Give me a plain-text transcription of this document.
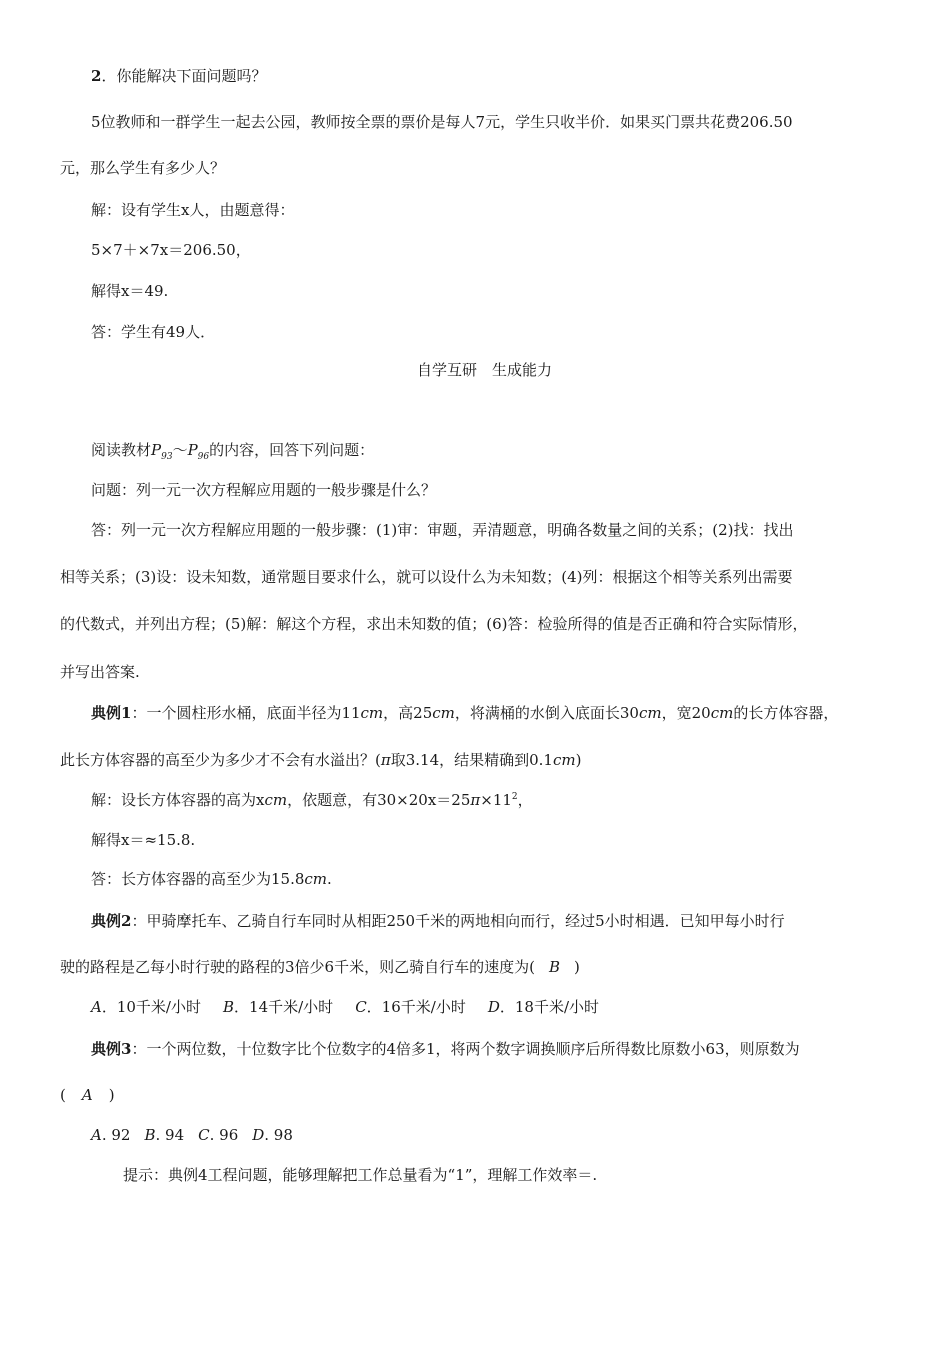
2．你能解决下面问题吗？
5位教师和一群学生一起去公园，教师按全票的票价是每人7元，学生只收半价．如果买门票共花费206.50
元，那么学生有多少人？
解：设有学生x人，由题意得：
5×7＋×7x＝206.50，
解得x＝49.
答：学生有49人．
自学互研　生成能力
阅读教材$P_{93}\sim P_{96}$的内容，回答下列问题：
问题：列一元一次方程解应用题的一般步骤是什么？
答：列一元一次方程解应用题的一般步骤：(1)审：审题，弄清题意，明确各数量之间的关系；(2)找：找出
相等关系；(3)设：设未知数，通常题目要求什么，就可以设什么为未知数；(4)列：根据这个相等关系列出需要
的代数式，并列出方程；(5)解：解这个方程，求出未知数的值；(6)答：检验所得的值是否正确和符合实际情形，
并写出答案.
典例1：一个圆柱形水桶，底面半径为11cm，高25cm，将满桶的水倒入底面长30cm，宽20cm的长方体容器，
此长方体容器的高至少为多少才不会有水溢出？(π取3.14，结果精确到0.1cm)
解：设长方体容器的高为xcm，依题意，有$30\times 20x=25\pi\times 11^2$，
解得x＝≈15.8.
答：长方体容器的高至少为15.8cm.
典例2：甲骑摩托车、乙骑自行车同时从相距250千米的两地相向而行，经过5小时相遇．已知甲每小时行
驶的路程是乙每小时行驶的路程的3倍少6千米，则乙骑自行车的速度为( B )
A．10千米/小时 B．14千米/小时 C．16千米/小时 D．18千米/小时
典例3：一个两位数，十位数字比个位数字的4倍多1，将两个数字调换顺序后所得数比原数小63，则原数为
( A )
A. 92 B. 94 C. 96 D. 98
提示：典例4工程问题，能够理解把工作总量看为“1”，理解工作效率＝.
